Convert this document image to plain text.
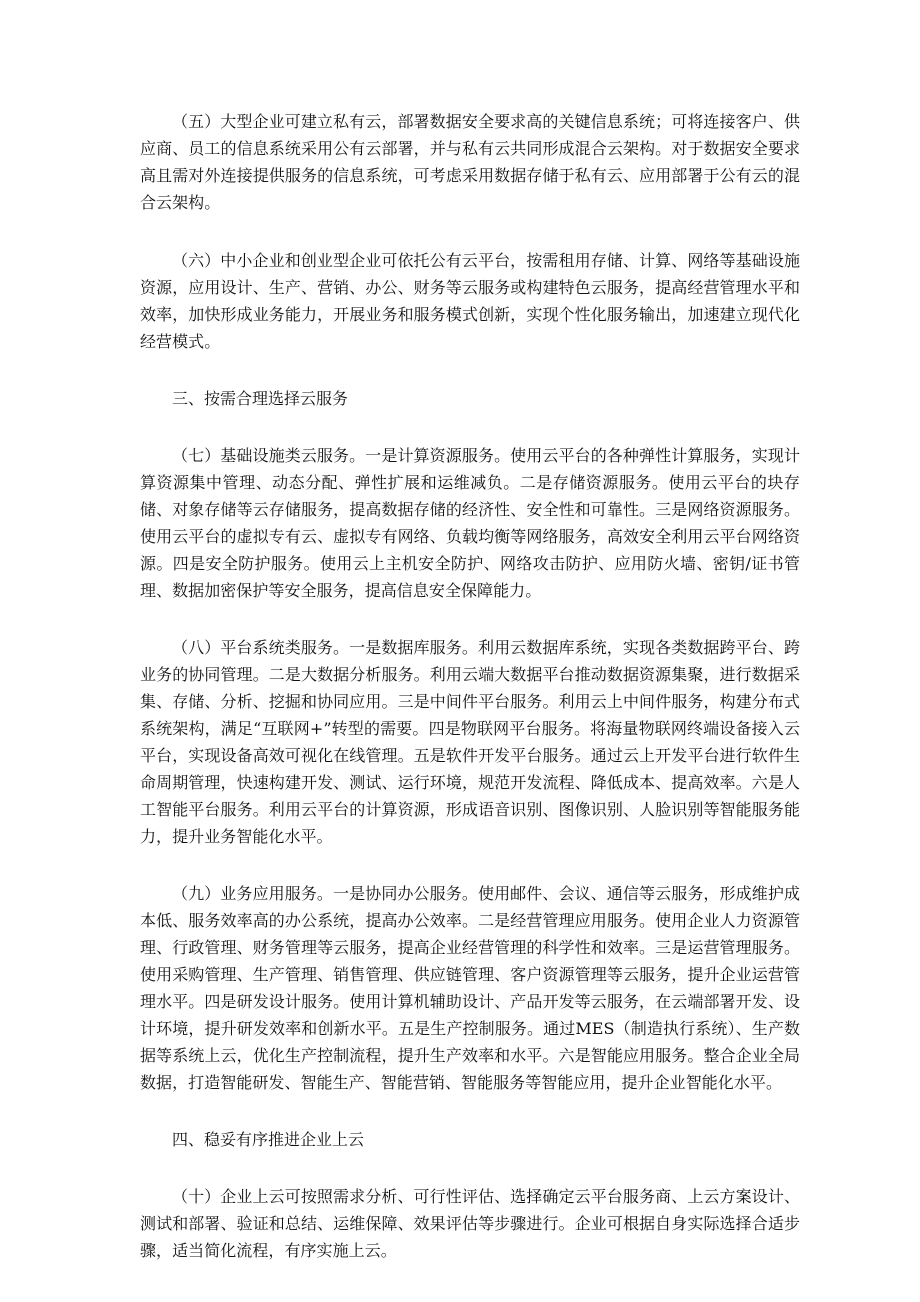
（五）大型企业可建立私有云，部署数据安全要求高的关键信息系统；可将连接客户、供应商、员工的信息系统采用公有云部署，并与私有云共同形成混合云架构。对于数据安全要求高且需对外连接提供服务的信息系统，可考虑采用数据存储于私有云、应用部署于公有云的混合云架构。

（六）中小企业和创业型企业可依托公有云平台，按需租用存储、计算、网络等基础设施资源，应用设计、生产、营销、办公、财务等云服务或构建特色云服务，提高经营管理水平和效率，加快形成业务能力，开展业务和服务模式创新，实现个性化服务输出，加速建立现代化经营模式。

三、按需合理选择云服务

（七）基础设施类云服务。一是计算资源服务。使用云平台的各种弹性计算服务，实现计算资源集中管理、动态分配、弹性扩展和运维减负。二是存储资源服务。使用云平台的块存储、对象存储等云存储服务，提高数据存储的经济性、安全性和可靠性。三是网络资源服务。使用云平台的虚拟专有云、虚拟专有网络、负载均衡等网络服务，高效安全利用云平台网络资源。四是安全防护服务。使用云上主机安全防护、网络攻击防护、应用防火墙、密钥/证书管理、数据加密保护等安全服务，提高信息安全保障能力。

（八）平台系统类服务。一是数据库服务。利用云数据库系统，实现各类数据跨平台、跨业务的协同管理。二是大数据分析服务。利用云端大数据平台推动数据资源集聚，进行数据采集、存储、分析、挖掘和协同应用。三是中间件平台服务。利用云上中间件服务，构建分布式系统架构，满足“互联网+”转型的需要。四是物联网平台服务。将海量物联网终端设备接入云平台，实现设备高效可视化在线管理。五是软件开发平台服务。通过云上开发平台进行软件生命周期管理，快速构建开发、测试、运行环境，规范开发流程、降低成本、提高效率。六是人工智能平台服务。利用云平台的计算资源，形成语音识别、图像识别、人脸识别等智能服务能力，提升业务智能化水平。

（九）业务应用服务。一是协同办公服务。使用邮件、会议、通信等云服务，形成维护成本低、服务效率高的办公系统，提高办公效率。二是经营管理应用服务。使用企业人力资源管理、行政管理、财务管理等云服务，提高企业经营管理的科学性和效率。三是运营管理服务。使用采购管理、生产管理、销售管理、供应链管理、客户资源管理等云服务，提升企业运营管理水平。四是研发设计服务。使用计算机辅助设计、产品开发等云服务，在云端部署开发、设计环境，提升研发效率和创新水平。五是生产控制服务。通过MES（制造执行系统）、生产数据等系统上云，优化生产控制流程，提升生产效率和水平。六是智能应用服务。整合企业全局数据，打造智能研发、智能生产、智能营销、智能服务等智能应用，提升企业智能化水平。

四、稳妥有序推进企业上云

（十）企业上云可按照需求分析、可行性评估、选择确定云平台服务商、上云方案设计、测试和部署、验证和总结、运维保障、效果评估等步骤进行。企业可根据自身实际选择合适步骤，适当简化流程，有序实施上云。
